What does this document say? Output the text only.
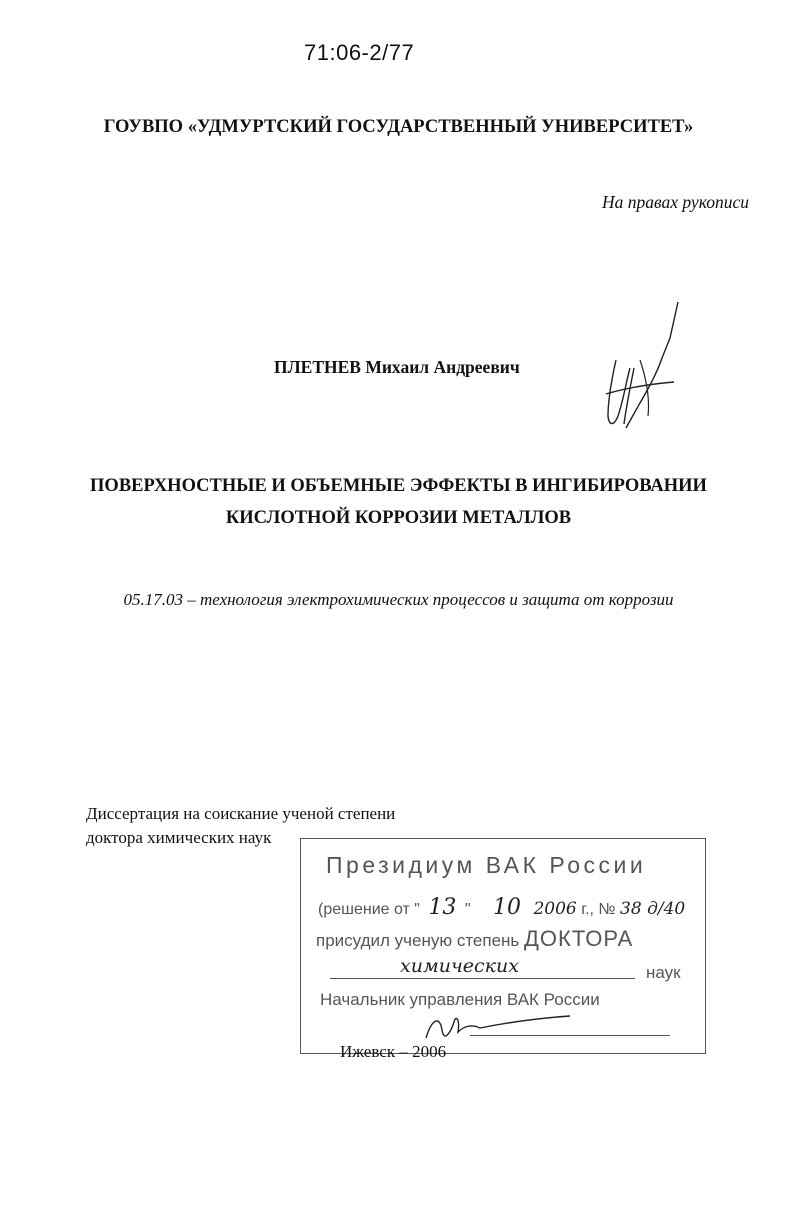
71:06-2/77
ГОУВПО «УДМУРТСКИЙ ГОСУДАРСТВЕННЫЙ УНИВЕРСИТЕТ»
На правах рукописи
ПЛЕТНЕВ Михаил Андреевич
ПОВЕРХНОСТНЫЕ И ОБЪЕМНЫЕ ЭФФЕКТЫ В ИНГИБИРОВАНИИ
КИСЛОТНОЙ КОРРОЗИИ МЕТАЛЛОВ
05.17.03 – технология электрохимических процессов и защита от коррозии
Диссертация на соискание ученой степени
доктора химических наук
Президиум ВАК России
(решение от " 13 " 10 2006 г., № 38 д/40
присудил ученую степень ДОКТОРА
химических	наук
Начальник управления ВАК России
Ижевск – 2006
